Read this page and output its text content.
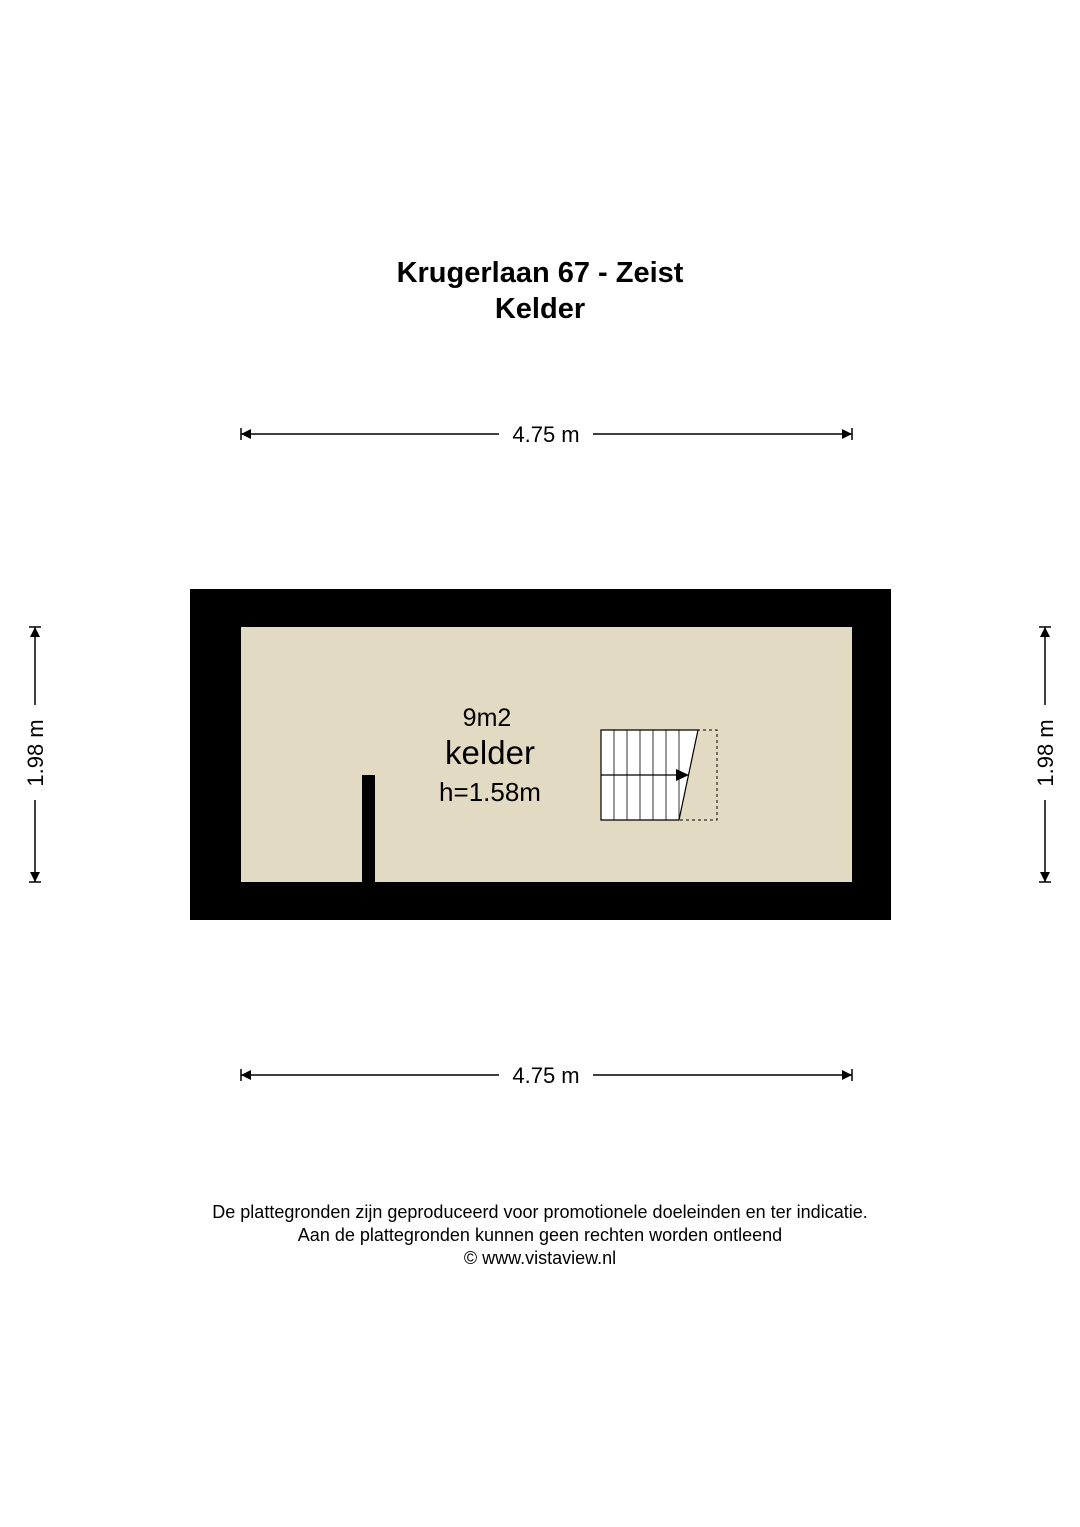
Krugerlaan 67 - Zeist
Kelder
4.75 m
4.75 m
1.98 m	1.98 m
9m2
kelder
h=1.58m
De plattegronden zijn geproduceerd voor promotionele doeleinden en ter indicatie.
Aan de plattegronden kunnen geen rechten worden ontleend
© www.vistaview.nl
